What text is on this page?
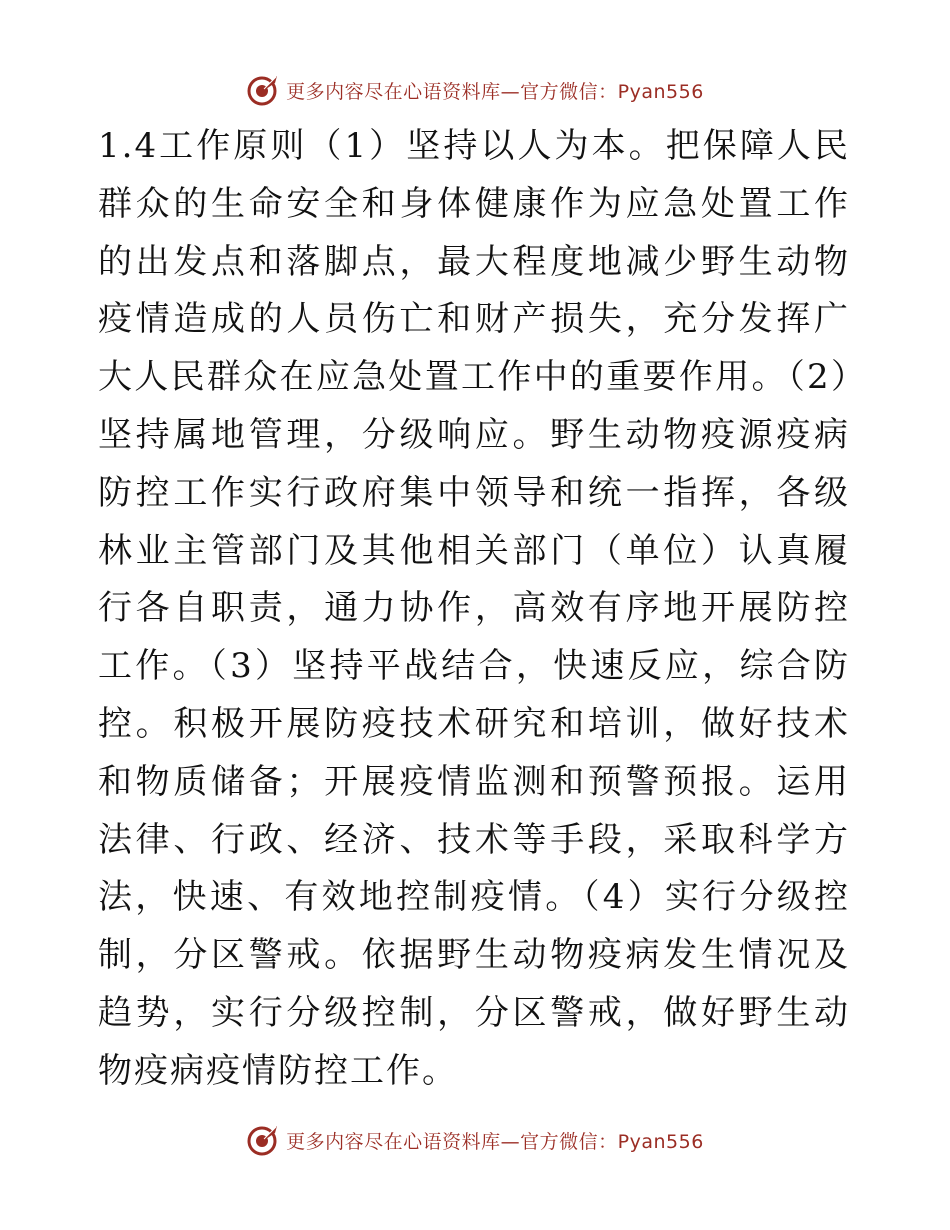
更多内容尽在心语资料库—官方微信：Pyan556

1.4工作原则（1）坚持以人为本。把保障人民群众的生命安全和身体健康作为应急处置工作的出发点和落脚点，最大程度地减少野生动物疫情造成的人员伤亡和财产损失，充分发挥广大人民群众在应急处置工作中的重要作用。（2）坚持属地管理，分级响应。野生动物疫源疫病防控工作实行政府集中领导和统一指挥，各级林业主管部门及其他相关部门（单位）认真履行各自职责，通力协作，高效有序地开展防控工作。（3）坚持平战结合，快速反应，综合防控。积极开展防疫技术研究和培训，做好技术和物质储备；开展疫情监测和预警预报。运用法律、行政、经济、技术等手段，采取科学方法，快速、有效地控制疫情。（4）实行分级控制，分区警戒。依据野生动物疫病发生情况及趋势，实行分级控制，分区警戒，做好野生动物疫病疫情防控工作。

更多内容尽在心语资料库—官方微信：Pyan556
